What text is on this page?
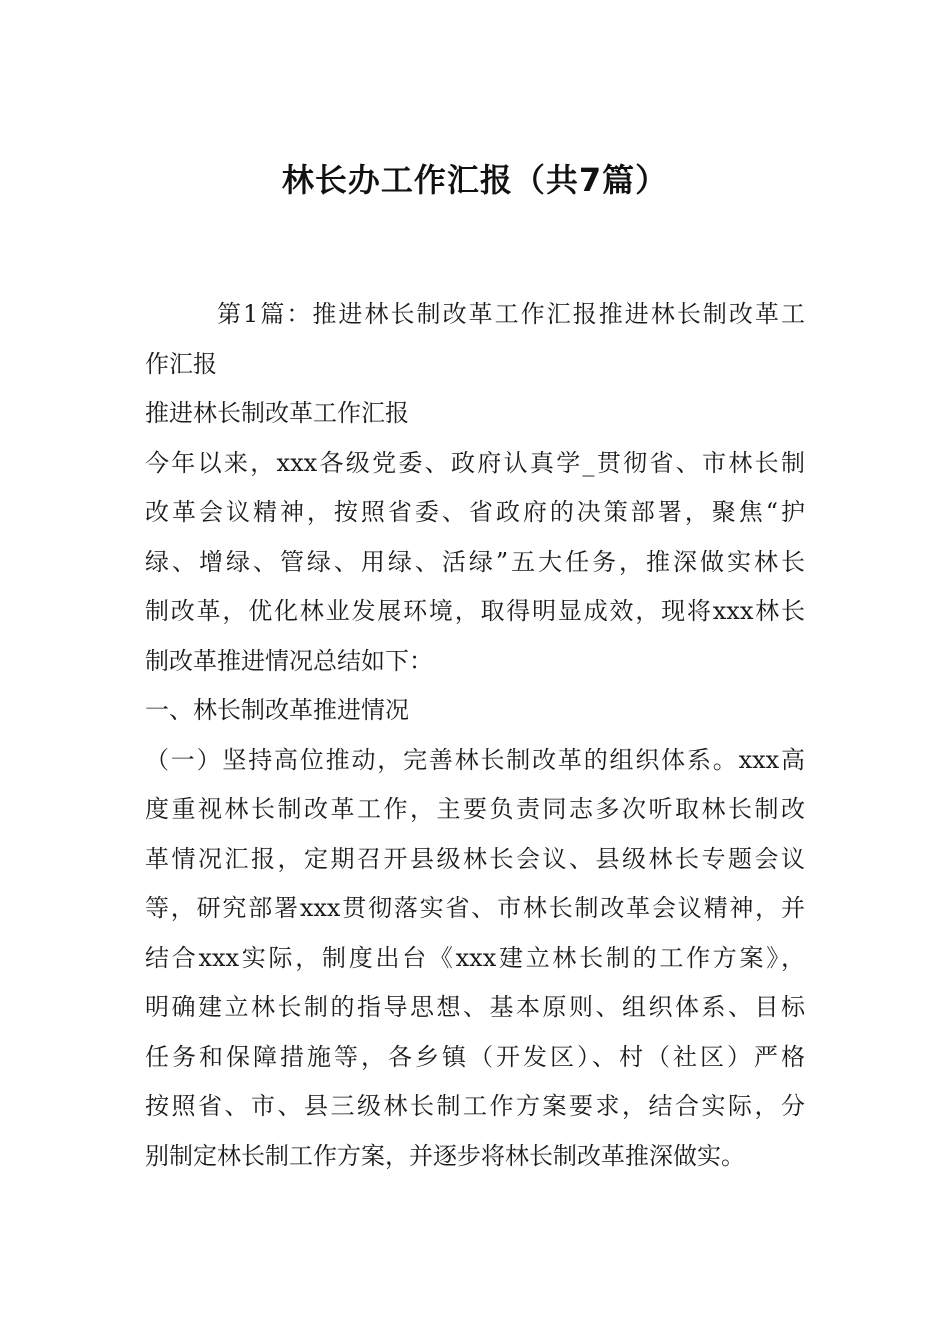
林长办工作汇报（共7篇）
第1篇：推进林长制改革工作汇报推进林长制改革工
作汇报
推进林长制改革工作汇报
今年以来，xxx各级党委、政府认真学_贯彻省、市林长制
改革会议精神，按照省委、省政府的决策部署，聚焦“护
绿、增绿、管绿、用绿、活绿”五大任务，推深做实林长
制改革，优化林业发展环境，取得明显成效，现将xxx林长
制改革推进情况总结如下：
一、林长制改革推进情况
（一）坚持高位推动，完善林长制改革的组织体系。xxx高
度重视林长制改革工作，主要负责同志多次听取林长制改
革情况汇报，定期召开县级林长会议、县级林长专题会议
等，研究部署xxx贯彻落实省、市林长制改革会议精神，并
结合xxx实际，制度出台《xxx建立林长制的工作方案》，
明确建立林长制的指导思想、基本原则、组织体系、目标
任务和保障措施等，各乡镇（开发区）、村（社区）严格
按照省、市、县三级林长制工作方案要求，结合实际，分
别制定林长制工作方案，并逐步将林长制改革推深做实。
